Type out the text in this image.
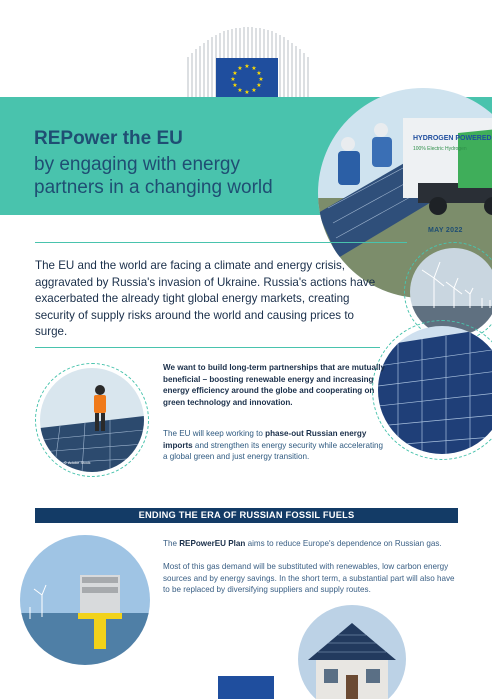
★ ★
★
★
★
★
★
★
★
★
★
★
REPower the EU
by engaging with energy
partners in a changing world
HYDROGEN POWERED
100% Electric Hydrogen
MAY 2022
The EU and the world are facing a climate and energy crisis, aggravated by Russia's invasion of Ukraine. Russia's actions have exacerbated the already tight global energy markets, creating security of supply risks around the world and causing prices to surge.
© Adobe Stock
We want to build long-term partnerships that are mutually beneficial – boosting renewable energy and increasing energy efficiency around the globe and cooperating on green technology and innovation.
The EU will keep working to phase-out Russian energy imports and strengthen its energy security while accelerating a global green and just energy transition.
ENDING THE ERA OF RUSSIAN FOSSIL FUELS
The REPowerEU Plan aims to reduce Europe's dependence on Russian gas.
Most of this gas demand will be substituted with renewables, low carbon energy sources and by energy savings. In the short term, a substantial part will also have to be replaced by diversifying suppliers and supply routes.
